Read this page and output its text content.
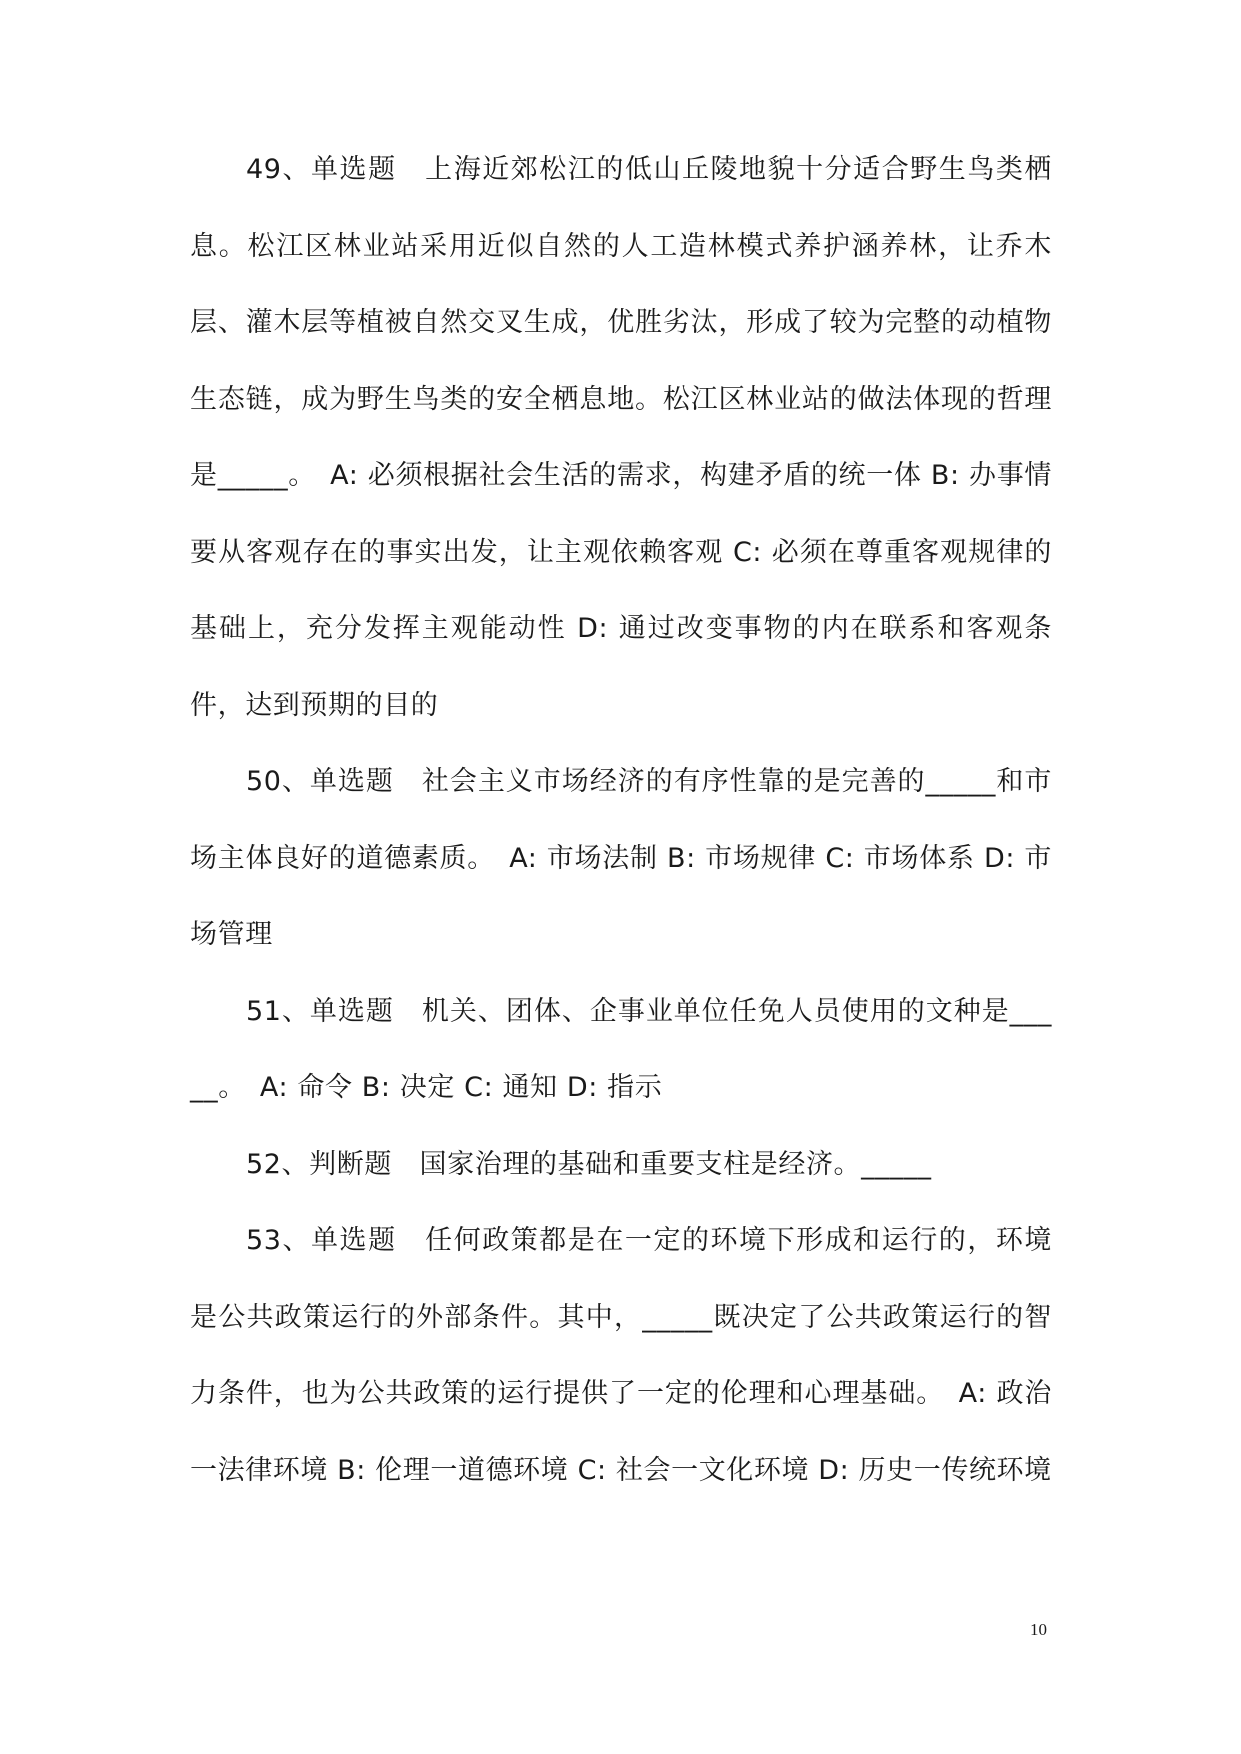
49、单选题　上海近郊松江的低山丘陵地貌十分适合野生鸟类栖息。松江区林业站采用近似自然的人工造林模式养护涵养林，让乔木层、灌木层等植被自然交叉生成，优胜劣汰，形成了较为完整的动植物生态链，成为野生鸟类的安全栖息地。松江区林业站的做法体现的哲理是_____。　A: 必须根据社会生活的需求，构建矛盾的统一体 B: 办事情要从客观存在的事实出发，让主观依赖客观 C: 必须在尊重客观规律的基础上，充分发挥主观能动性 D: 通过改变事物的内在联系和客观条件，达到预期的目的

50、单选题　社会主义市场经济的有序性靠的是完善的_____和市场主体良好的道德素质。　A: 市场法制 B: 市场规律 C: 市场体系 D: 市场管理

51、单选题　机关、团体、企事业单位任免人员使用的文种是_____。　A: 命令 B: 决定 C: 通知 D: 指示

52、判断题　国家治理的基础和重要支柱是经济。_____

53、单选题　任何政策都是在一定的环境下形成和运行的，环境是公共政策运行的外部条件。其中，_____既决定了公共政策运行的智力条件，也为公共政策的运行提供了一定的伦理和心理基础。　A: 政治一法律环境 B: 伦理一道德环境 C: 社会一文化环境 D: 历史一传统环境

10
